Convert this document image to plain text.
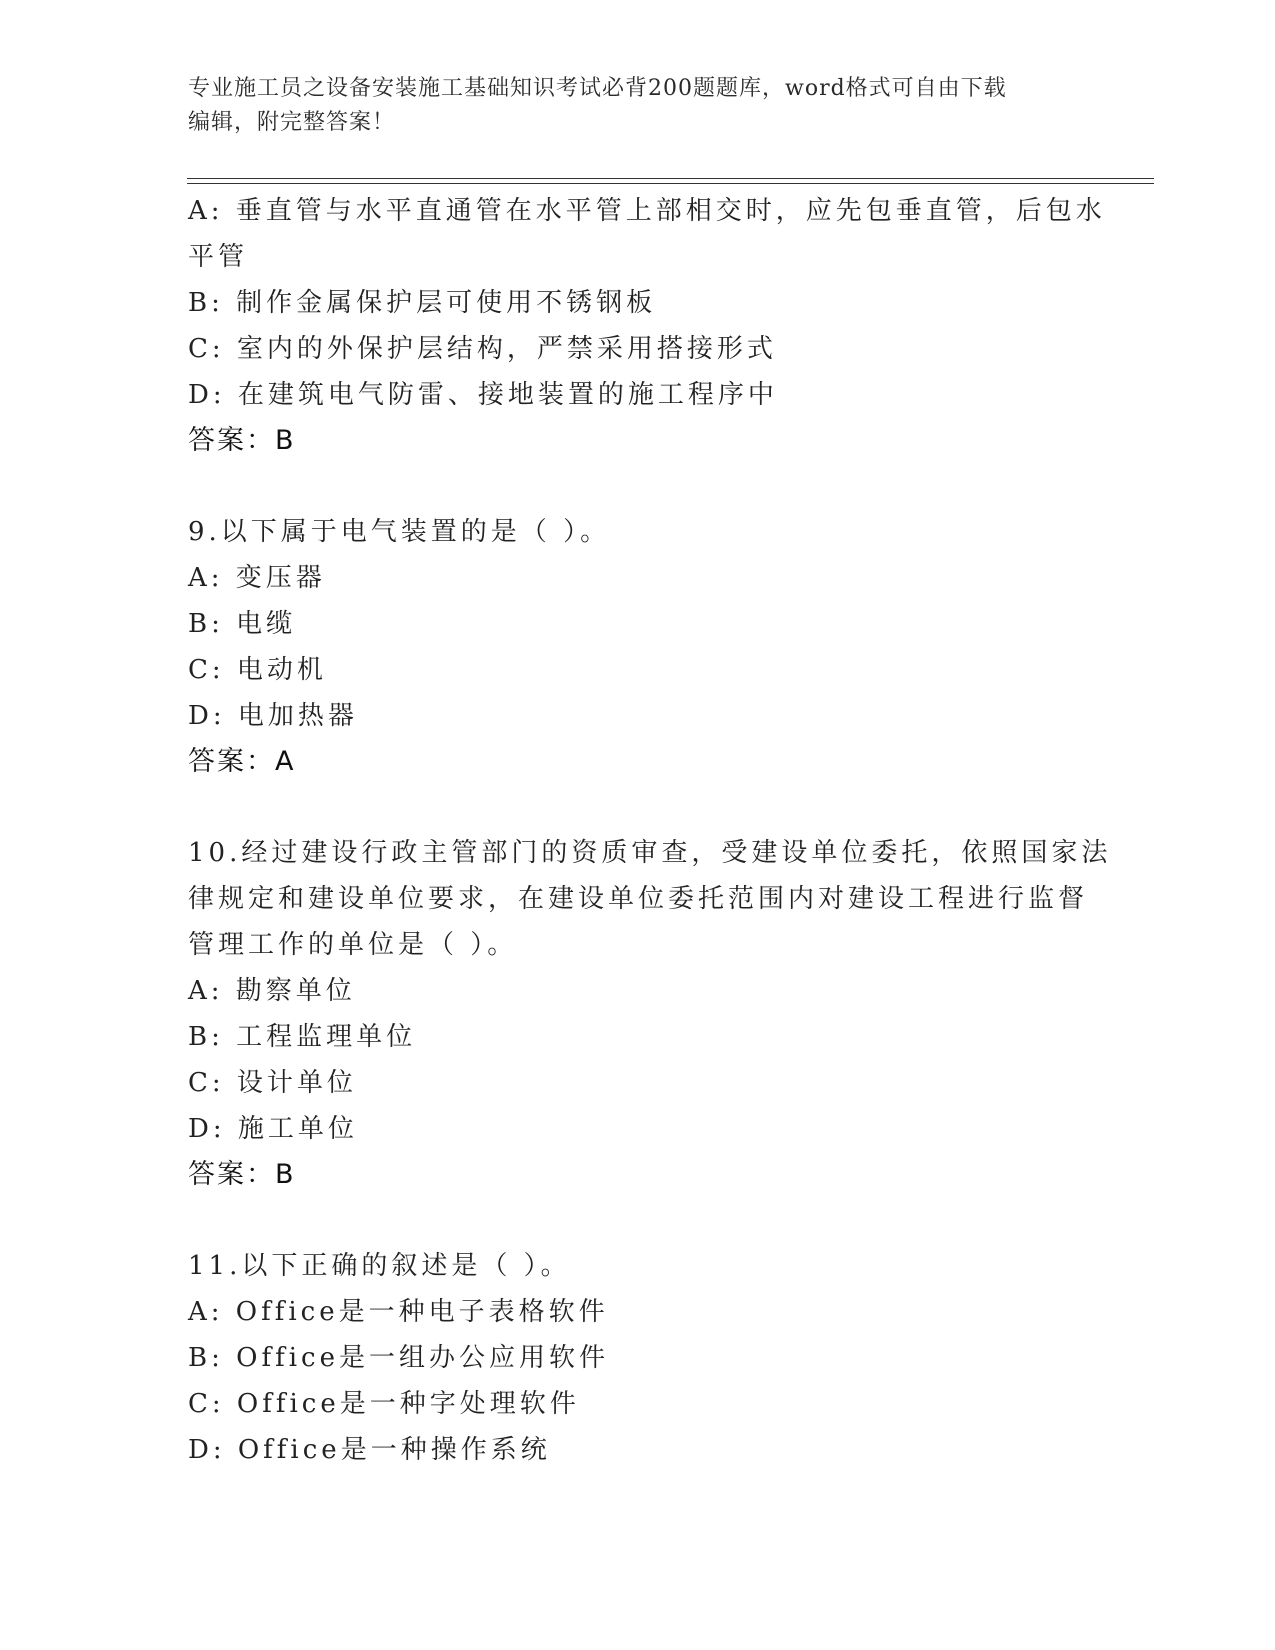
专业施工员之设备安装施工基础知识考试必背200题题库，word格式可自由下载
编辑，附完整答案！
A: 垂直管与水平直通管在水平管上部相交时，应先包垂直管，后包水
平管
B: 制作金属保护层可使用不锈钢板
C: 室内的外保护层结构，严禁采用搭接形式
D: 在建筑电气防雷、接地装置的施工程序中
答案：B
9.以下属于电气装置的是（ ）。
A: 变压器
B: 电缆
C: 电动机
D: 电加热器
答案：A
10.经过建设行政主管部门的资质审查，受建设单位委托，依照国家法
律规定和建设单位要求，在建设单位委托范围内对建设工程进行监督
管理工作的单位是（ ）。
A: 勘察单位
B: 工程监理单位
C: 设计单位
D: 施工单位
答案：B
11.以下正确的叙述是（ ）。
A: Office是一种电子表格软件
B: Office是一组办公应用软件
C: Office是一种字处理软件
D: Office是一种操作系统
